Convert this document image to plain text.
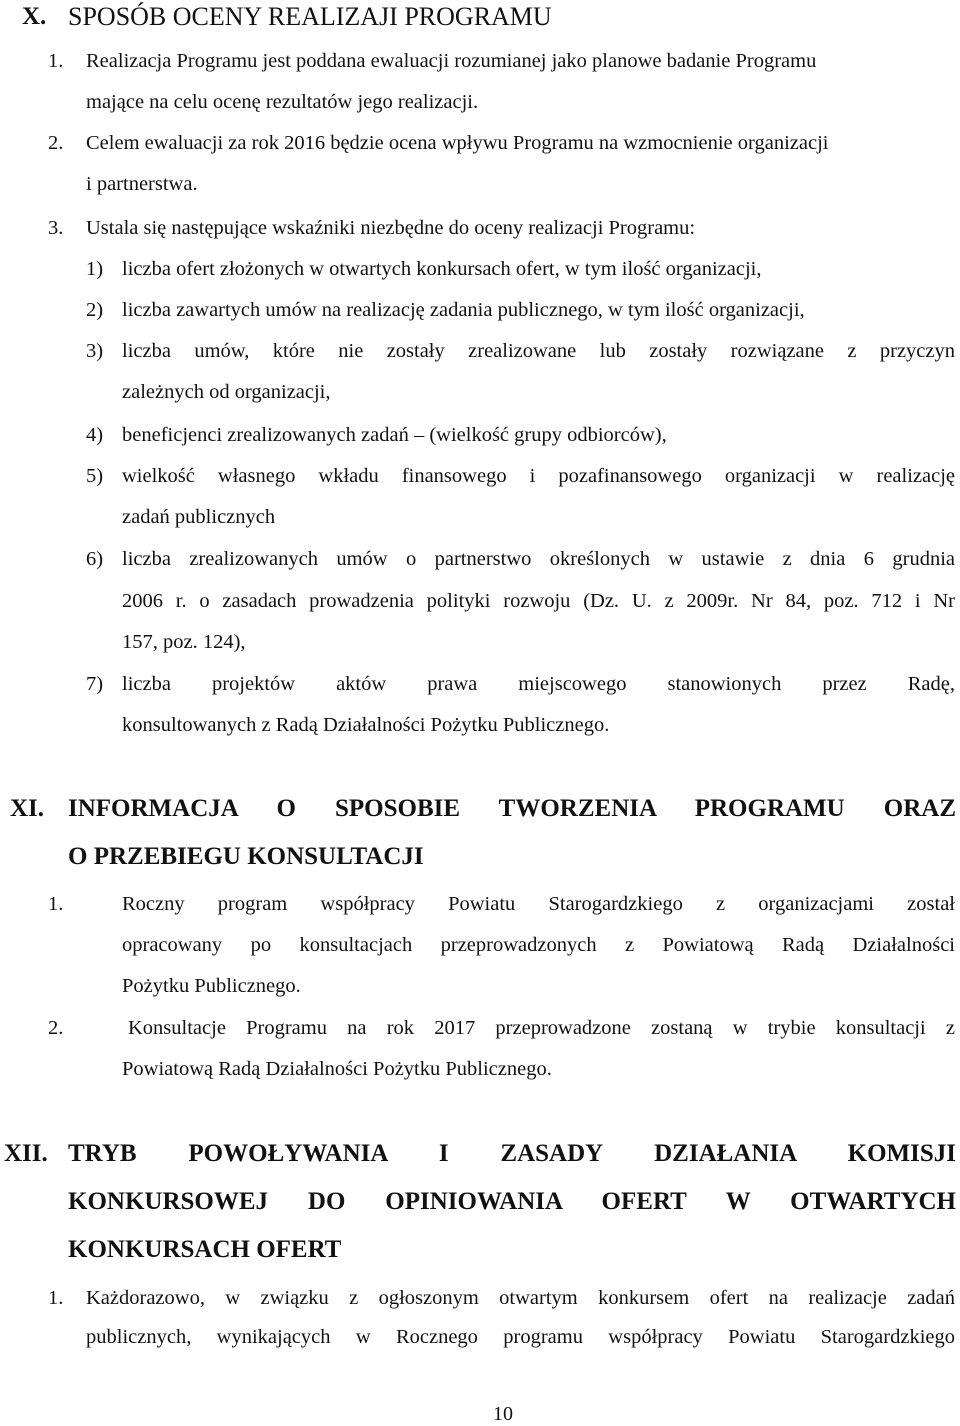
X. SPOSÓB OCENY REALIZAJI PROGRAMU
1. Realizacja Programu jest poddana ewaluacji rozumianej jako planowe badanie Programu
mające na celu ocenę rezultatów jego realizacji.
2. Celem ewaluacji za rok 2016 będzie ocena wpływu Programu na wzmocnienie organizacji
i partnerstwa.
3. Ustala się następujące wskaźniki niezbędne do oceny realizacji Programu:
1) liczba ofert złożonych w otwartych konkursach ofert, w tym ilość organizacji,
2) liczba zawartych umów na realizację zadania publicznego, w tym ilość organizacji,
3) liczba umów, które nie zostały zrealizowane lub zostały rozwiązane z przyczyn
zależnych od organizacji,
4) beneficjenci zrealizowanych zadań – (wielkość grupy odbiorców),
5) wielkość własnego wkładu finansowego i pozafinansowego organizacji w realizację
zadań publicznych
6) liczba zrealizowanych umów o partnerstwo określonych w ustawie z dnia 6 grudnia
2006 r. o zasadach prowadzenia polityki rozwoju (Dz. U. z 2009r. Nr 84, poz. 712 i Nr
157, poz. 124),
7) liczba projektów aktów prawa miejscowego stanowionych przez Radę,
konsultowanych z Radą Działalności Pożytku Publicznego.
XI. INFORMACJA O SPOSOBIE TWORZENIA PROGRAMU ORAZ
O PRZEBIEGU KONSULTACJI
1.	Roczny program współpracy Powiatu Starogardzkiego z organizacjami został
opracowany po konsultacjach przeprowadzonych z Powiatową Radą Działalności
Pożytku Publicznego.
2.	Konsultacje Programu na rok 2017 przeprowadzone zostaną w trybie konsultacji z
Powiatową Radą Działalności Pożytku Publicznego.
XII. TRYB POWOŁYWANIA I ZASADY DZIAŁANIA KOMISJI
KONKURSOWEJ DO OPINIOWANIA OFERT W OTWARTYCH
KONKURSACH OFERT
1. Każdorazowo, w związku z ogłoszonym otwartym konkursem ofert na realizacje zadań
publicznych, wynikających w Rocznego programu współpracy Powiatu Starogardzkiego
10
